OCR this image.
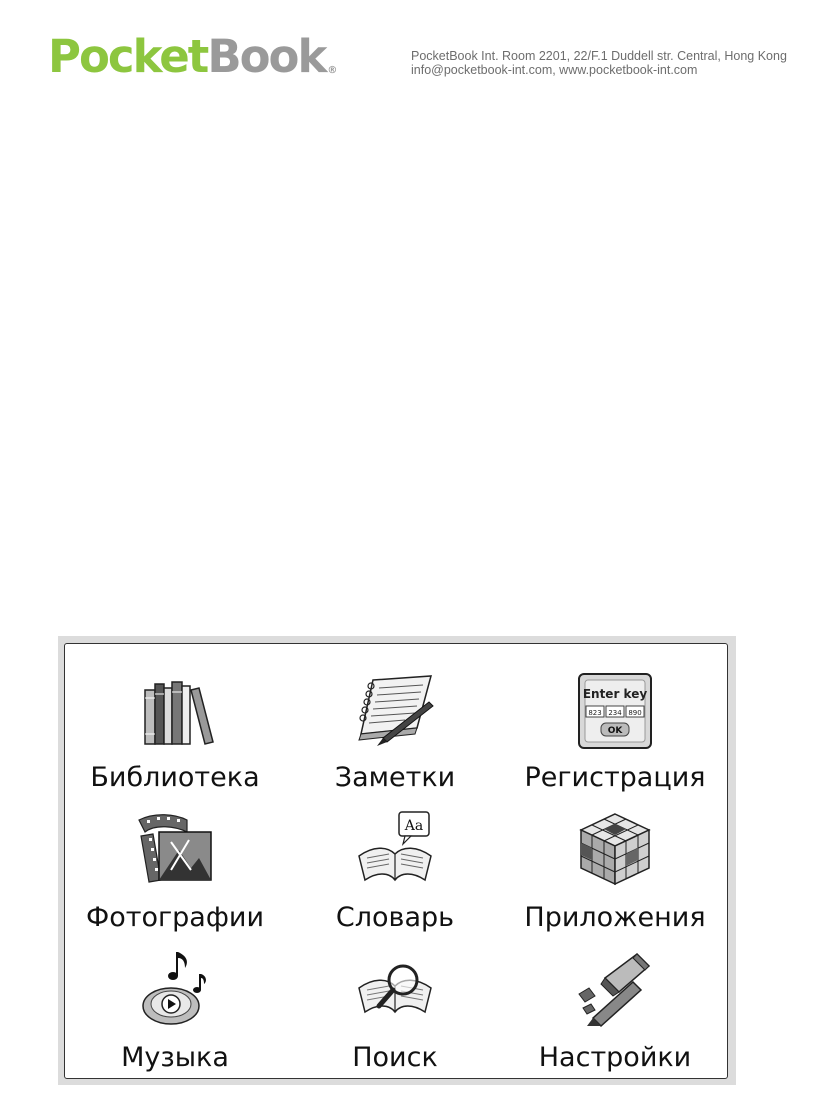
PocketBook ®
PocketBook Int. Room 2201, 22/F.1 Duddell str. Central, Hong Kong
info@pocketbook-int.com, www.pocketbook-int.com
Библиотека	Заметки
Enter key
823 234 890
OK
Регистрация
Фотографии
Aa
Словарь	Приложения
Музыка	Поиск	Настройки
